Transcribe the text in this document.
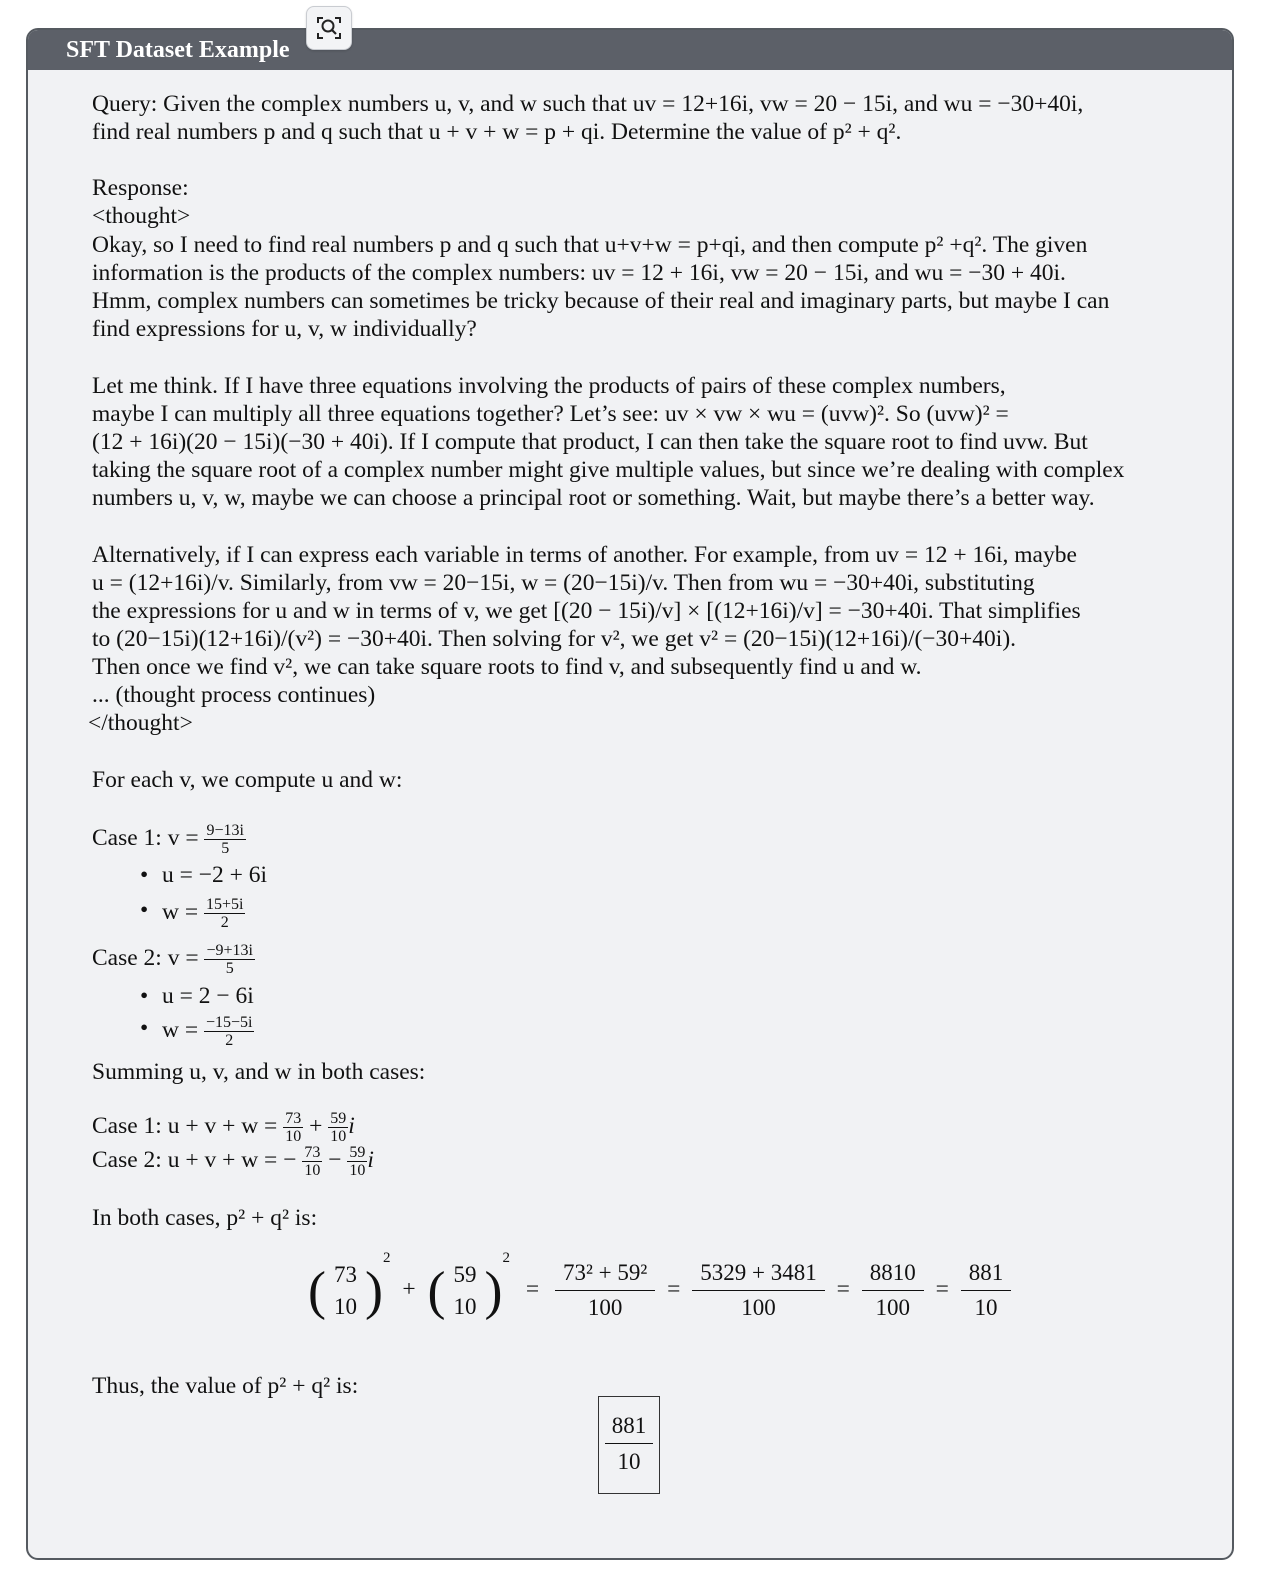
SFT Dataset Example
Query: Given the complex numbers u, v, and w such that uv = 12+16i, vw = 20 − 15i, and wu = −30+40i,
find real numbers p and q such that u + v + w = p + qi. Determine the value of p² + q².
Response:
<thought>
Okay, so I need to find real numbers p and q such that u+v+w = p+qi, and then compute p² +q². The given
information is the products of the complex numbers: uv = 12 + 16i, vw = 20 − 15i, and wu = −30 + 40i.
Hmm, complex numbers can sometimes be tricky because of their real and imaginary parts, but maybe I can
find expressions for u, v, w individually?
Let me think. If I have three equations involving the products of pairs of these complex numbers,
maybe I can multiply all three equations together? Let’s see: uv × vw × wu = (uvw)². So (uvw)² =
(12 + 16i)(20 − 15i)(−30 + 40i). If I compute that product, I can then take the square root to find uvw. But
taking the square root of a complex number might give multiple values, but since we’re dealing with complex
numbers u, v, w, maybe we can choose a principal root or something. Wait, but maybe there’s a better way.
Alternatively, if I can express each variable in terms of another. For example, from uv = 12 + 16i, maybe
u = (12+16i)/v. Similarly, from vw = 20−15i, w = (20−15i)/v. Then from wu = −30+40i, substituting
the expressions for u and w in terms of v, we get [(20 − 15i)/v] × [(12+16i)/v] = −30+40i. That simplifies
to (20−15i)(12+16i)/(v²) = −30+40i. Then solving for v², we get v² = (20−15i)(12+16i)/(−30+40i).
Then once we find v², we can take square roots to find v, and subsequently find u and w.
... (thought process continues)
</thought>
For each v, we compute u and w:
Case 1: $v = \frac{9-13i}{5}$
• u = −2 + 6i
• $w = \frac{15+5i}{2}$
Case 2: $v = \frac{-9+13i}{5}$
• u = 2 − 6i
• $w = \frac{-15-5i}{2}$
Summing u, v, and w in both cases:
Case 1: $u + v + w = \frac{73}{10} + \frac{59}{10}$ i
Case 2: u + v + w = − $\frac{73}{10} - \frac{59}{10}$ i
In both cases, p² + q² is:
( 73
10 )$^2$ + ( 59
10 )$^2 = \frac{\text{73² + 59²}}{100} = \frac{5329 + 3481}{100} = \frac{8810}{100} = \frac{881}{10}$
Thus, the value of p² + q² is:
$\frac{881}{10}$
